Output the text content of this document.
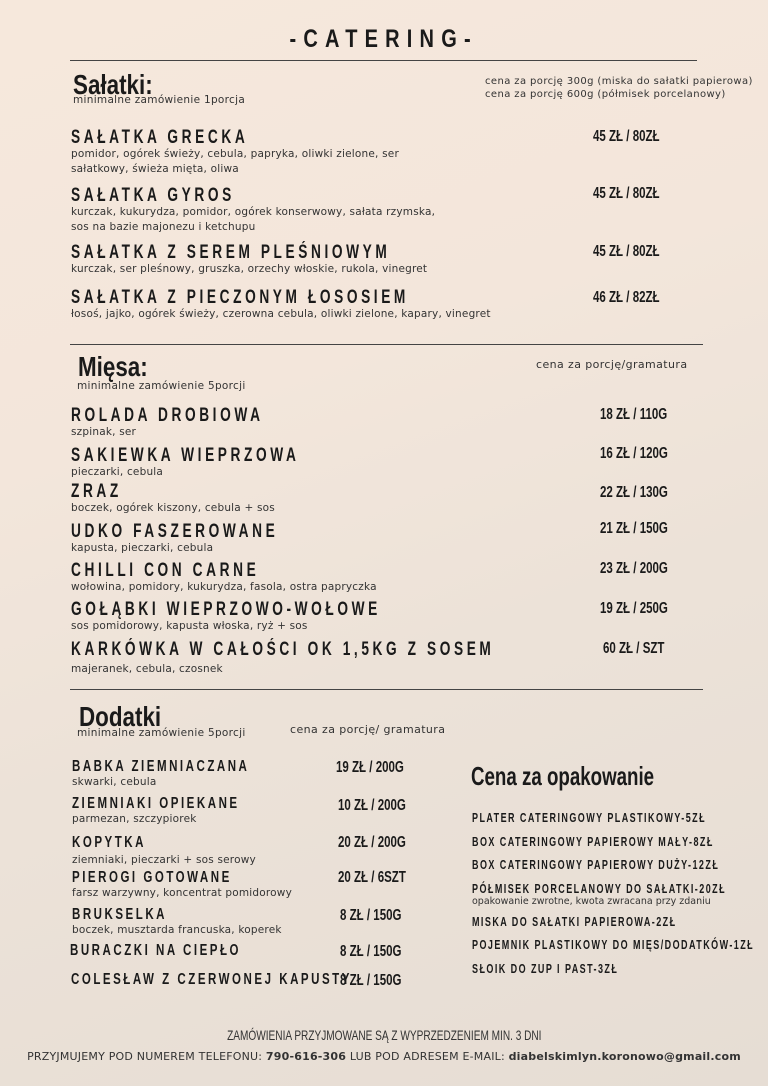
-CATERING-
Sałatki:
minimalne zamówienie 1porcja
cena za porcję 300g (miska do sałatki papierowa)
cena za porcję 600g (półmisek porcelanowy)
SAŁATKA GRECKA
pomidor, ogórek świeży, cebula, papryka, oliwki zielone, ser
sałatkowy, świeża mięta, oliwa
45 ZŁ / 80ZŁ
SAŁATKA GYROS
kurczak, kukurydza, pomidor, ogórek konserwowy, sałata rzymska,
sos na bazie majonezu i ketchupu
45 ZŁ / 80ZŁ
SAŁATKA Z SEREM PLEŚNIOWYM
kurczak, ser pleśnowy, gruszka, orzechy włoskie, rukola, vinegret
45 ZŁ / 80ZŁ
SAŁATKA Z PIECZONYM ŁOSOSIEM
łosoś, jajko, ogórek świeży, czerowna cebula, oliwki zielone, kapary, vinegret
46 ZŁ / 82ZŁ
Mięsa:
minimalne zamówienie 5porcji
cena za porcję/gramatura
ROLADA DROBIOWA
szpinak, ser
18 ZŁ / 110G
SAKIEWKA WIEPRZOWA
pieczarki, cebula
16 ZŁ / 120G
ZRAZ
boczek, ogórek kiszony, cebula + sos
22 ZŁ / 130G
UDKO FASZEROWANE
kapusta, pieczarki, cebula
21 ZŁ / 150G
CHILLI CON CARNE
wołowina, pomidory, kukurydza, fasola, ostra papryczka
23 ZŁ / 200G
GOŁĄBKI WIEPRZOWO-WOŁOWE
sos pomidorowy, kapusta włoska, ryż + sos
19 ZŁ / 250G
KARKÓWKA W CAŁOŚCI OK 1,5KG Z SOSEM
majeranek, cebula, czosnek
60 ZŁ / SZT
Dodatki
minimalne zamówienie 5porcji	cena za porcję/ gramatura
BABKA ZIEMNIACZANA
skwarki, cebula
19 ZŁ / 200G
ZIEMNIAKI OPIEKANE
parmezan, szczypiorek
10 ZŁ / 200G
KOPYTKA
ziemniaki, pieczarki + sos serowy
20 ZŁ / 200G
PIEROGI GOTOWANE
farsz warzywny, koncentrat pomidorowy
20 ZŁ / 6SZT
BRUKSELKA
boczek, musztarda francuska, koperek
8 ZŁ / 150G
BURACZKI NA CIEPŁO	8 ZŁ / 150G
COLESŁAW Z CZERWONEJ KAPUSTY
8 ZŁ / 150G
Cena za opakowanie
PLATER CATERINGOWY PLASTIKOWY-5ZŁ
BOX CATERINGOWY PAPIEROWY MAŁY-8ZŁ
BOX CATERINGOWY PAPIEROWY DUŻY-12ZŁ
PÓŁMISEK PORCELANOWY DO SAŁATKI-20ZŁ
opakowanie zwrotne, kwota zwracana przy zdaniu
MISKA DO SAŁATKI PAPIEROWA-2ZŁ
POJEMNIK PLASTIKOWY DO MIĘS/DODATKÓW-1ZŁ
SŁOIK DO ZUP I PAST-3ZŁ
ZAMÓWIENIA PRZYJMOWANE SĄ Z WYPRZEDZENIEM MIN. 3 DNI
PRZYJMUJEMY POD NUMEREM TELEFONU: 790-616-306 LUB POD ADRESEM E-MAIL: diabelskimlyn.koronowo@gmail.com
